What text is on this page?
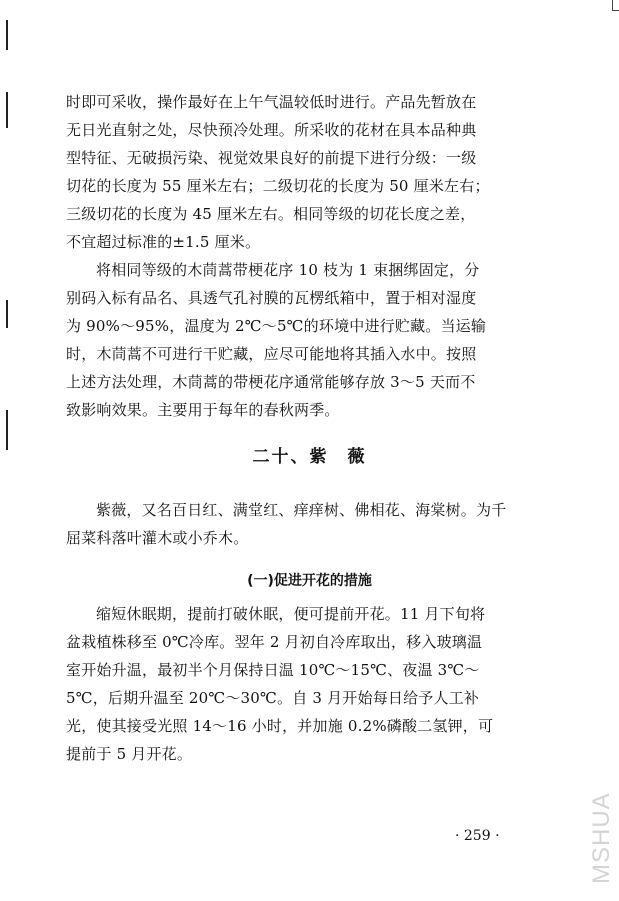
时即可采收，操作最好在上午气温较低时进行。产品先暂放在
无日光直射之处，尽快预冷处理。所采收的花材在具本品种典
型特征、无破损污染、视觉效果良好的前提下进行分级：一级
切花的长度为 55 厘米左右；二级切花的长度为 50 厘米左右；
三级切花的长度为 45 厘米左右。相同等级的切花长度之差，
不宜超过标准的±1.5 厘米。
将相同等级的木茼蒿带梗花序 10 枝为 1 束捆绑固定，分
别码入标有品名、具透气孔衬膜的瓦楞纸箱中，置于相对湿度
为 90%～95%，温度为 2℃～5℃的环境中进行贮藏。当运输
时，木茼蒿不可进行干贮藏，应尽可能地将其插入水中。按照
上述方法处理，木茼蒿的带梗花序通常能够存放 3～5 天而不
致影响效果。主要用于每年的春秋两季。
二十、紫　薇
紫薇，又名百日红、满堂红、痒痒树、佛相花、海棠树。为千
屈菜科落叶灌木或小乔木。
(一)促进开花的措施
缩短休眠期，提前打破休眠，便可提前开花。11 月下旬将
盆栽植株移至 0℃冷库。翌年 2 月初自冷库取出，移入玻璃温
室开始升温，最初半个月保持日温 10℃～15℃、夜温 3℃～
5℃，后期升温至 20℃～30℃。自 3 月开始每日给予人工补
光，使其接受光照 14～16 小时，并加施 0.2%磷酸二氢钾，可
提前于 5 月开花。
· 259 ·	MSHUA
